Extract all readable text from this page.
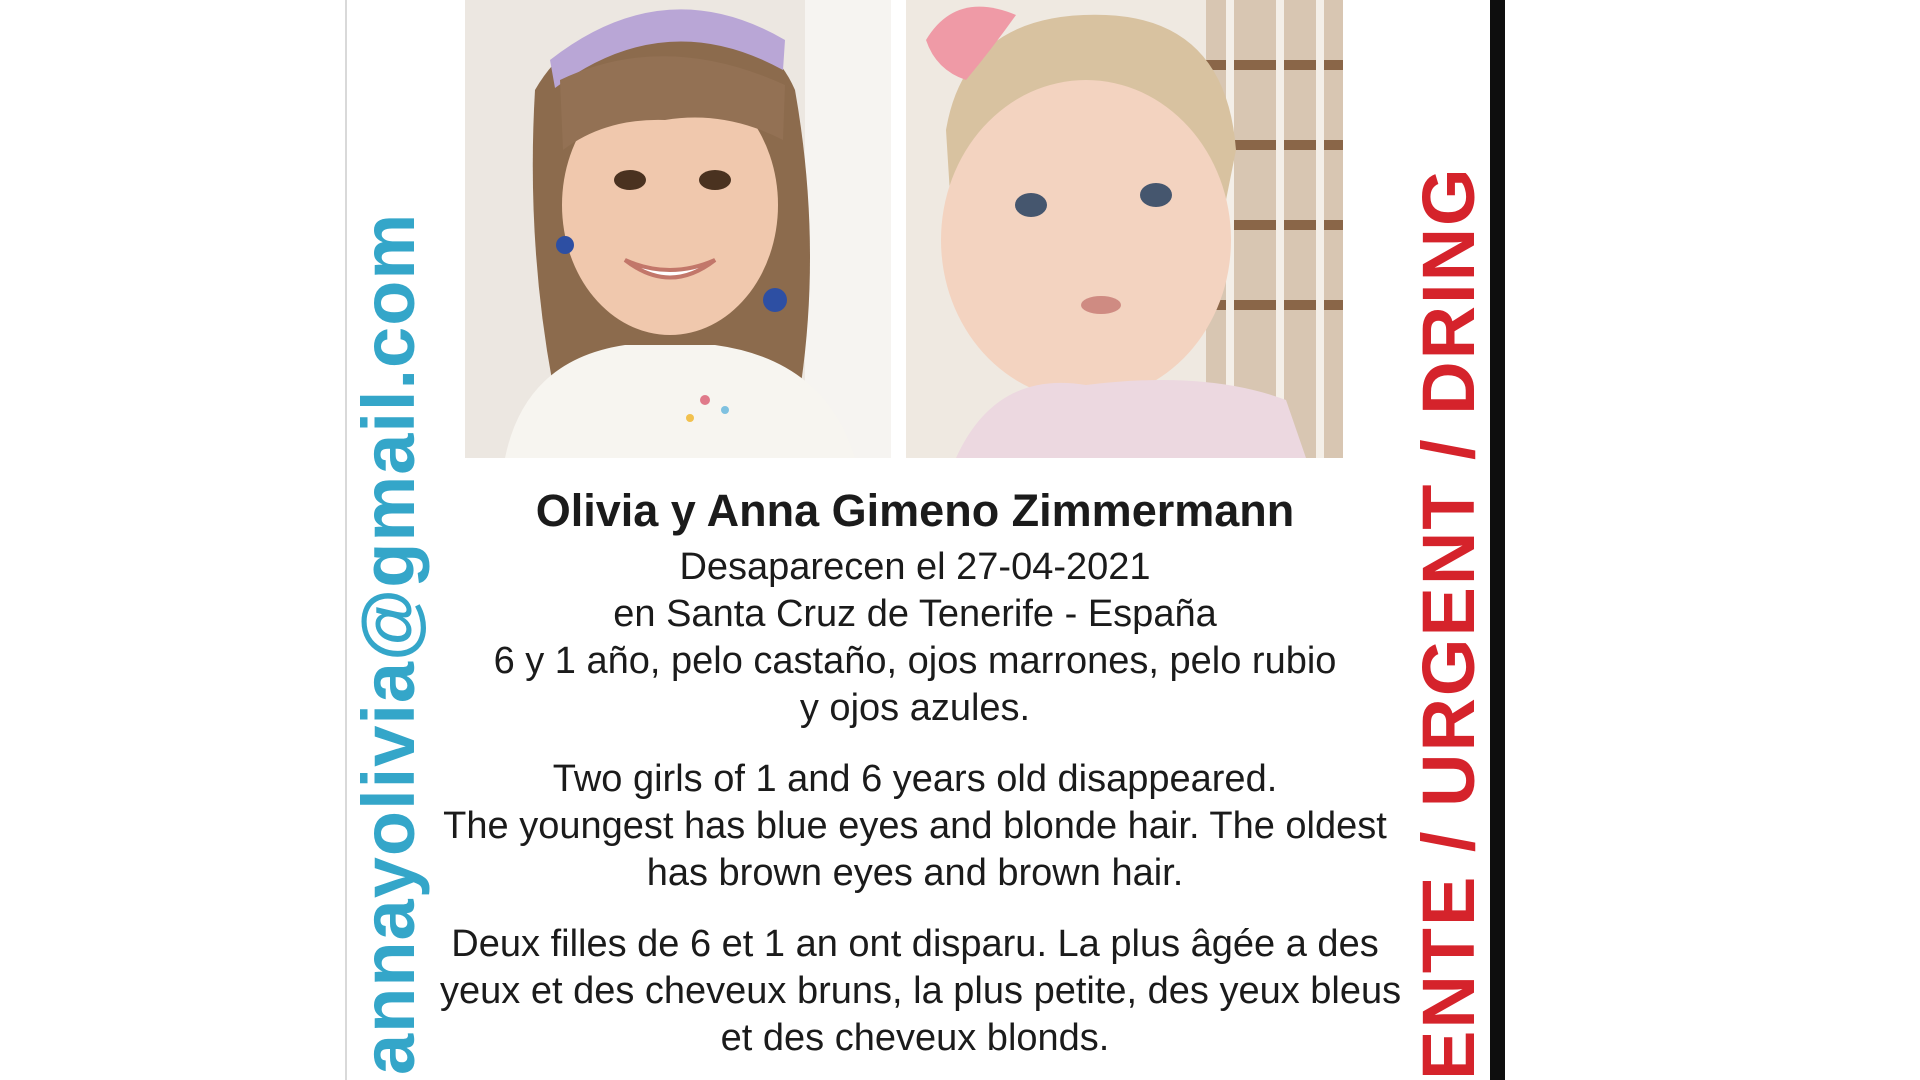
annayolivia@gmail.com	ENTE / URGENT / DRING
Olivia y Anna Gimeno Zimmermann
Desaparecen el 27-04-2021
en Santa Cruz de Tenerife - España
6 y 1 año, pelo castaño, ojos marrones, pelo rubio
y ojos azules.
Two girls of 1 and 6 years old disappeared.
The youngest has blue eyes and blonde hair. The oldest
has brown eyes and brown hair.
Deux filles de 6 et 1 an ont disparu. La plus âgée a des
yeux et des cheveux bruns, la plus petite, des yeux bleus
et des cheveux blonds.
